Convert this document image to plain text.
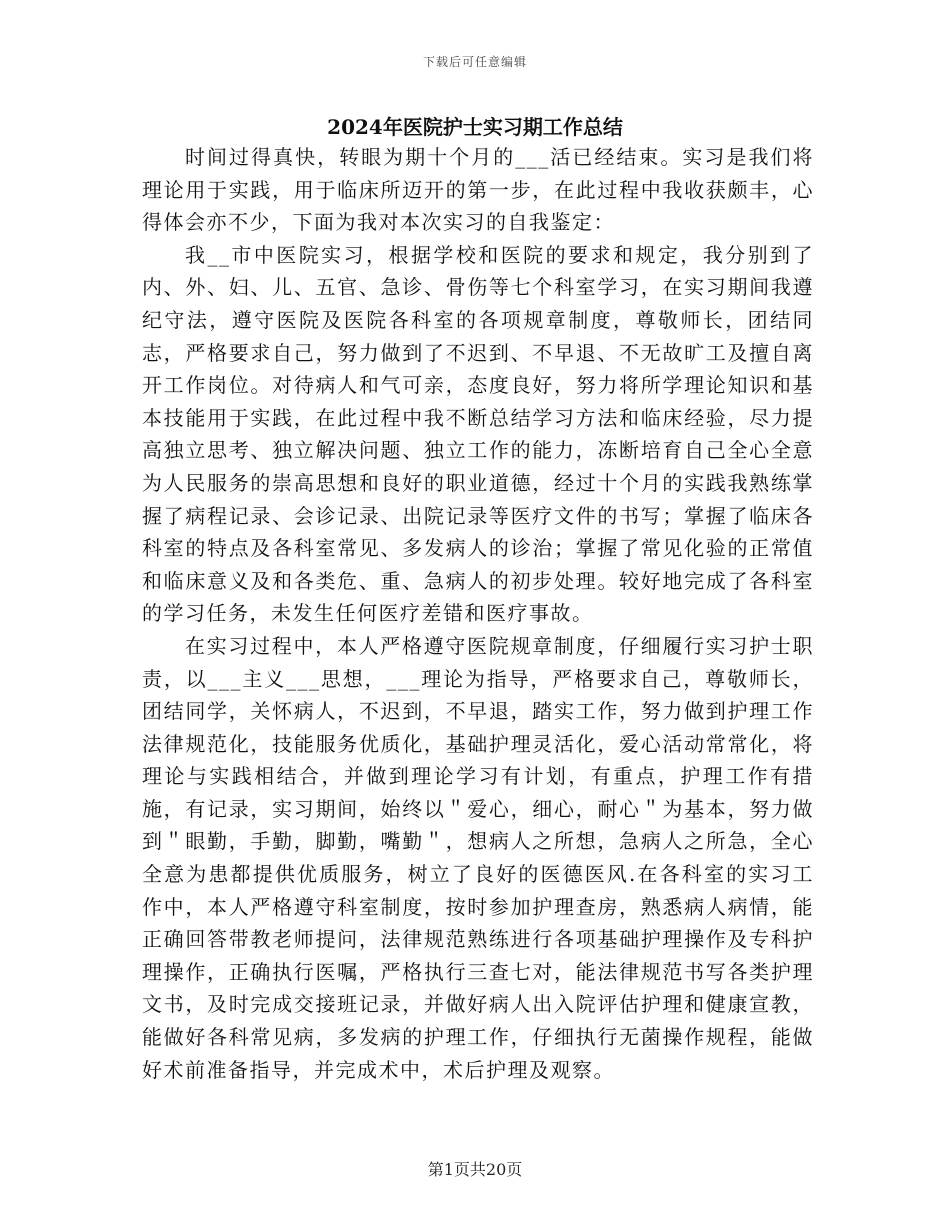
下载后可任意编辑
2024年医院护士实习期工作总结

时间过得真快，转眼为期十个月的___活已经结束。实习是我们将理论用于实践，用于临床所迈开的第一步，在此过程中我收获颇丰，心得体会亦不少，下面为我对本次实习的自我鉴定：

我__市中医院实习，根据学校和医院的要求和规定，我分别到了内、外、妇、儿、五官、急诊、骨伤等七个科室学习，在实习期间我遵纪守法，遵守医院及医院各科室的各项规章制度，尊敬师长，团结同志，严格要求自己，努力做到了不迟到、不早退、不无故旷工及擅自离开工作岗位。对待病人和气可亲，态度良好，努力将所学理论知识和基本技能用于实践，在此过程中我不断总结学习方法和临床经验，尽力提高独立思考、独立解决问题、独立工作的能力，冻断培育自己全心全意为人民服务的崇高思想和良好的职业道德，经过十个月的实践我熟练掌握了病程记录、会诊记录、出院记录等医疗文件的书写；掌握了临床各科室的特点及各科室常见、多发病人的诊治；掌握了常见化验的正常值和临床意义及和各类危、重、急病人的初步处理。较好地完成了各科室的学习任务，未发生任何医疗差错和医疗事故。

在实习过程中，本人严格遵守医院规章制度，仔细履行实习护士职责，以___主义___思想，___理论为指导，严格要求自己，尊敬师长，团结同学，关怀病人，不迟到，不早退，踏实工作，努力做到护理工作法律规范化，技能服务优质化，基础护理灵活化，爱心活动常常化，将理论与实践相结合，并做到理论学习有计划，有重点，护理工作有措施，有记录，实习期间，始终以＂爱心，细心，耐心＂为基本，努力做到＂眼勤，手勤，脚勤，嘴勤＂，想病人之所想，急病人之所急，全心全意为患都提供优质服务，树立了良好的医德医风.在各科室的实习工作中，本人严格遵守科室制度，按时参加护理查房，熟悉病人病情，能正确回答带教老师提问，法律规范熟练进行各项基础护理操作及专科护理操作，正确执行医嘱，严格执行三查七对，能法律规范书写各类护理文书，及时完成交接班记录，并做好病人出入院评估护理和健康宣教，能做好各科常见病，多发病的护理工作，仔细执行无菌操作规程，能做好术前准备指导，并完成术中，术后护理及观察。

第1页共20页
